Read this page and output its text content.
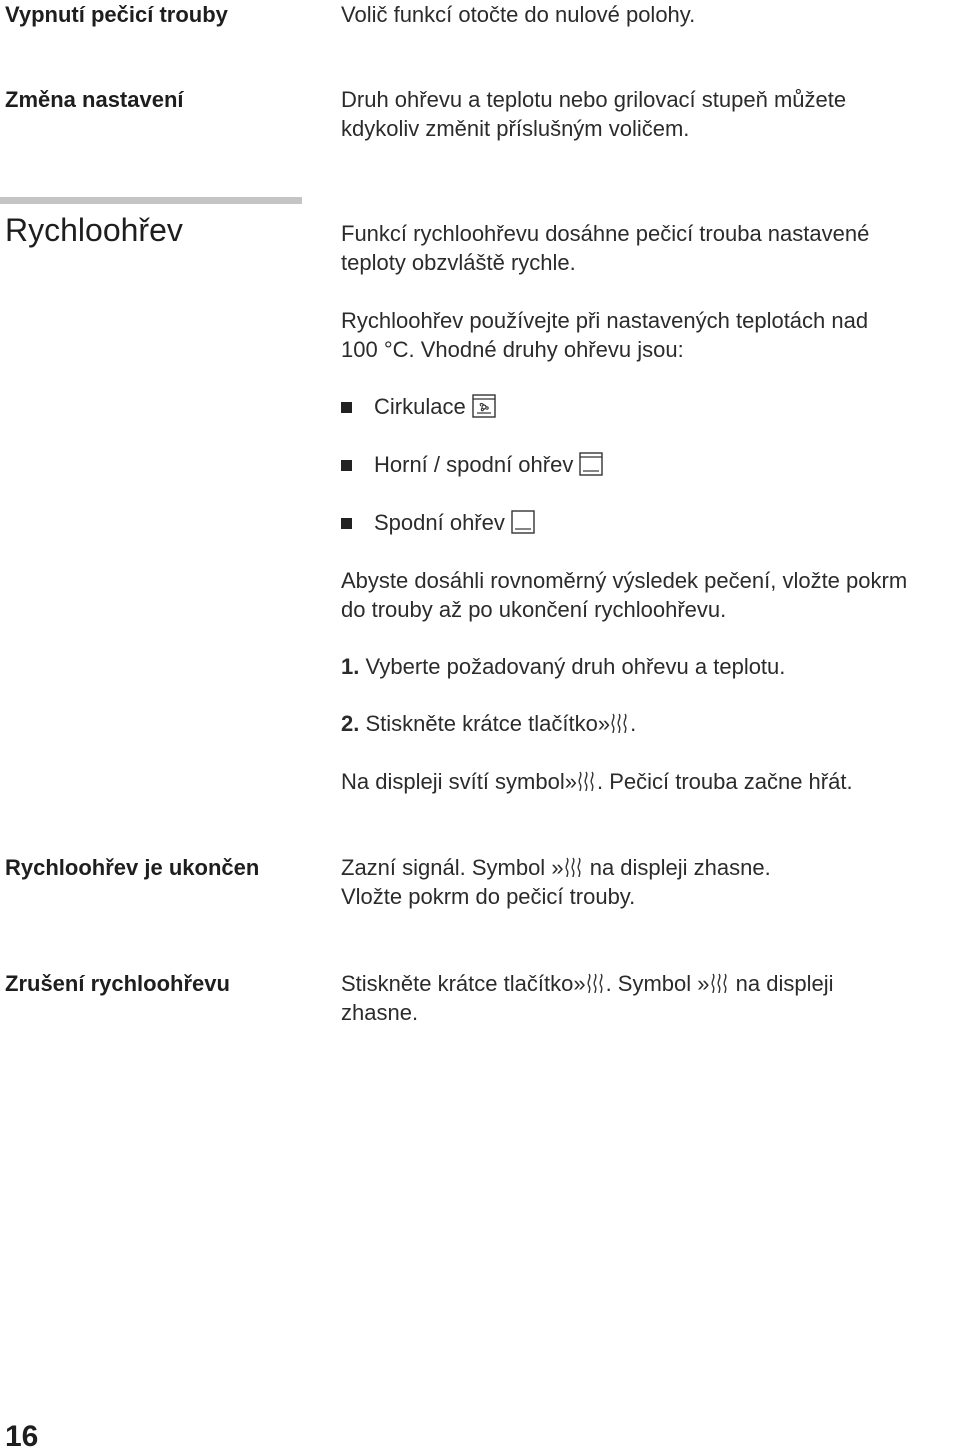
Vypnutí pečicí trouby	Volič funkcí otočte do nulové polohy.

Změna nastavení	Druh ohřevu a teplotu nebo grilovací stupeň můžete
kdykoliv změnit příslušným voličem.

Rychloohřev	Funkcí rychloohřevu dosáhne pečicí trouba nastavené
teploty obzvláště rychle.

Rychloohřev používejte při nastavených teplotách nad
100 °C. Vhodné druhy ohřevu jsou:

Cirkulace
Horní / spodní ohřev
Spodní ohřev

Abyste dosáhli rovnoměrný výsledek pečení, vložte pokrm
do trouby až po ukončení rychloohřevu.

1. Vyberte požadovaný druh ohřevu a teplotu.

2. Stiskněte krátce tlačítko» .

Na displeji svítí symbol» . Pečicí trouba začne hřát.

Rychloohřev je ukončen	Zazní signál. Symbol » na displeji zhasne.
Vložte pokrm do pečicí trouby.

Zrušení rychloohřevu	Stiskněte krátce tlačítko» . Symbol » na displeji
zhasne.

16
